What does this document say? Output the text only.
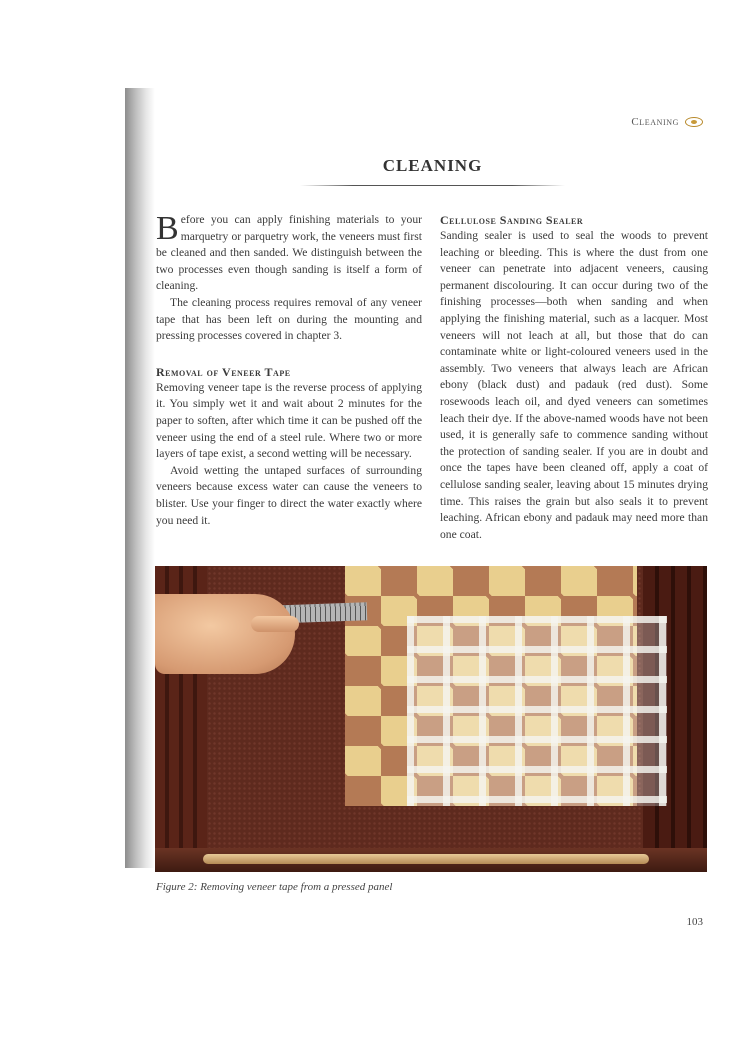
Cleaning
CLEANING

Before you can apply finishing materials to your marquetry or parquetry work, the veneers must first be cleaned and then sanded. We distinguish between the two processes even though sanding is itself a form of cleaning.

The cleaning process requires removal of any veneer tape that has been left on during the mounting and pressing processes covered in chapter 3.

Removal of Veneer Tape

Removing veneer tape is the reverse process of applying it. You simply wet it and wait about 2 minutes for the paper to soften, after which time it can be pushed off the veneer using the end of a steel rule. Where two or more layers of tape exist, a second wetting will be necessary.

Avoid wetting the untaped surfaces of surrounding veneers because excess water can cause the veneers to blister. Use your finger to direct the water exactly where you need it.

Cellulose Sanding Sealer

Sanding sealer is used to seal the woods to prevent leaching or bleeding. This is where the dust from one veneer can penetrate into adjacent veneers, causing permanent discolouring. It can occur during two of the finishing processes—both when sanding and when applying the finishing material, such as a lacquer. Most veneers will not leach at all, but those that do can contaminate white or light-coloured veneers used in the assembly. Two veneers that always leach are African ebony (black dust) and padauk (red dust). Some rosewoods leach oil, and dyed veneers can sometimes leach their dye. If the above-named woods have not been used, it is generally safe to commence sanding without the protection of sanding sealer. If you are in doubt and once the tapes have been cleaned off, apply a coat of cellulose sanding sealer, leaving about 15 minutes drying time. This raises the grain but also seals it to prevent leaching. African ebony and padauk may need more than one coat.

Figure 2: Removing veneer tape from a pressed panel
103
